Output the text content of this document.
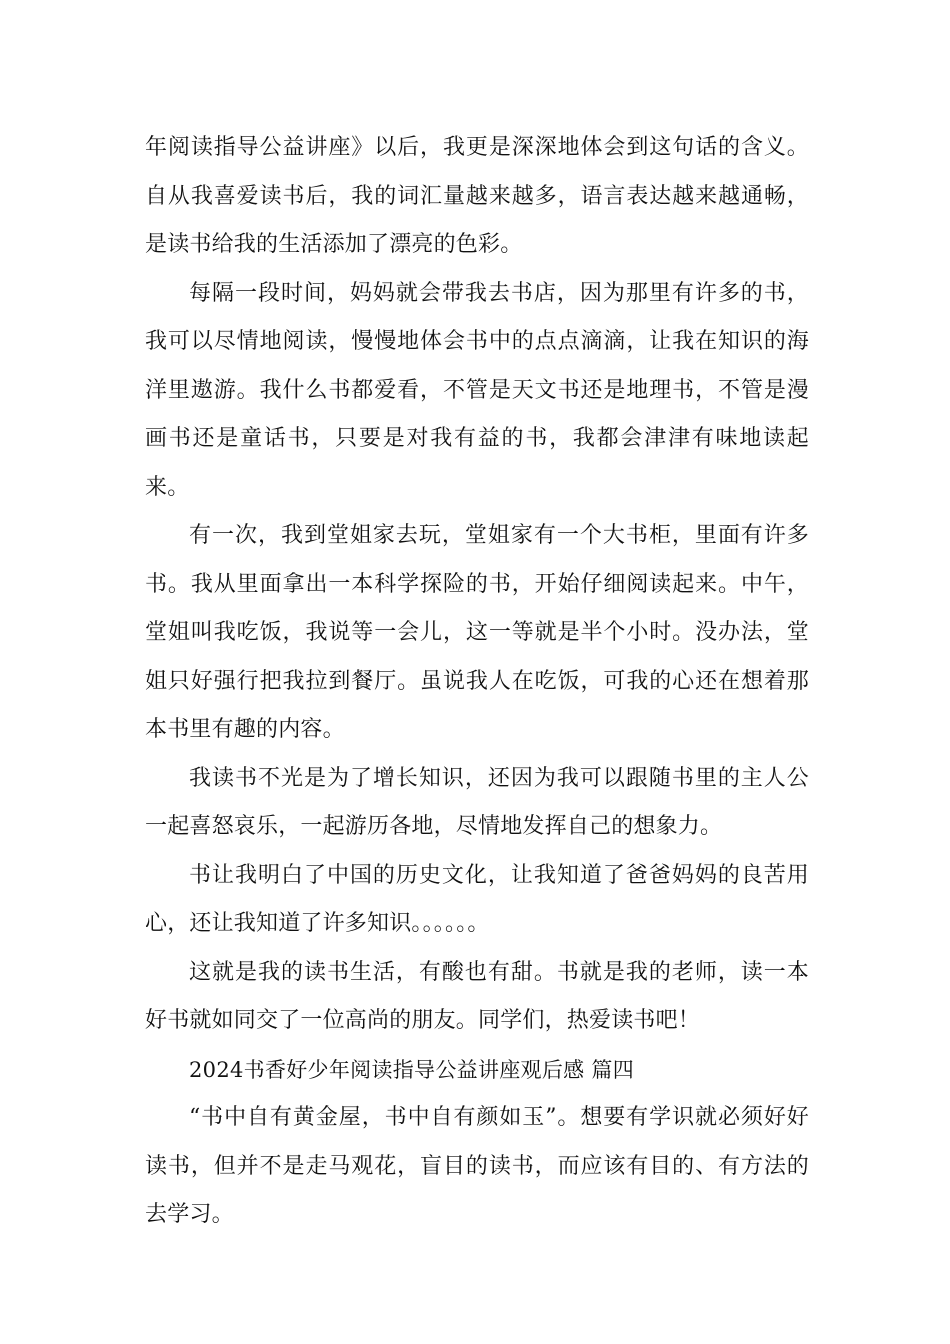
年阅读指导公益讲座》以后，我更是深深地体会到这句话的含义。自从我喜爱读书后，我的词汇量越来越多，语言表达越来越通畅，是读书给我的生活添加了漂亮的色彩。

每隔一段时间，妈妈就会带我去书店，因为那里有许多的书，我可以尽情地阅读，慢慢地体会书中的点点滴滴，让我在知识的海洋里遨游。我什么书都爱看，不管是天文书还是地理书，不管是漫画书还是童话书，只要是对我有益的书，我都会津津有味地读起来。

有一次，我到堂姐家去玩，堂姐家有一个大书柜，里面有许多书。我从里面拿出一本科学探险的书，开始仔细阅读起来。中午，堂姐叫我吃饭，我说等一会儿，这一等就是半个小时。没办法，堂姐只好强行把我拉到餐厅。虽说我人在吃饭，可我的心还在想着那本书里有趣的内容。

我读书不光是为了增长知识，还因为我可以跟随书里的主人公一起喜怒哀乐，一起游历各地，尽情地发挥自己的想象力。

书让我明白了中国的历史文化，让我知道了爸爸妈妈的良苦用心，还让我知道了许多知识。。。。。。

这就是我的读书生活，有酸也有甜。书就是我的老师，读一本好书就如同交了一位高尚的朋友。同学们，热爱读书吧！

2024书香好少年阅读指导公益讲座观后感 篇四

“书中自有黄金屋，书中自有颜如玉”。想要有学识就必须好好读书，但并不是走马观花，盲目的读书，而应该有目的、有方法的去学习。
